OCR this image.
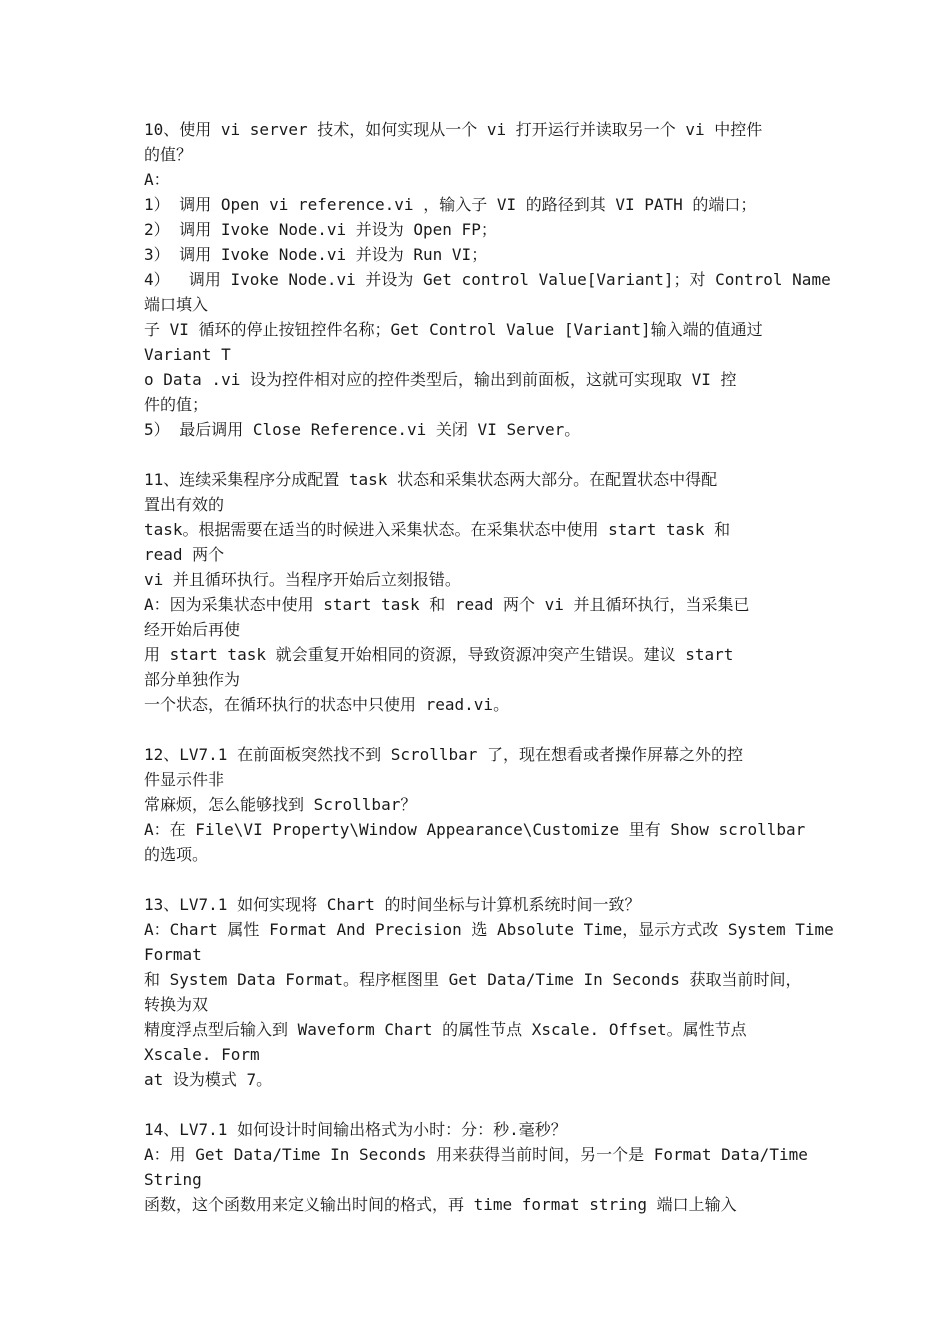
10、使用 vi server 技术，如何实现从一个 vi 打开运行并读取另一个 vi 中控件
的值？
A：
1） 调用 Open vi reference.vi ，输入子 VI 的路径到其 VI PATH 的端口；
2） 调用 Ivoke Node.vi 并设为 Open FP；
3） 调用 Ivoke Node.vi 并设为 Run VI；
4）  调用 Ivoke Node.vi 并设为 Get control Value[Variant]；对 Control Name
端口填入
子 VI 循环的停止按钮控件名称；Get Control Value [Variant]输入端的值通过
Variant T
o Data .vi 设为控件相对应的控件类型后，输出到前面板，这就可实现取 VI 控
件的值；
5） 最后调用 Close Reference.vi 关闭 VI Server。
11、连续采集程序分成配置 task 状态和采集状态两大部分。在配置状态中得配
置出有效的
task。根据需要在适当的时候进入采集状态。在采集状态中使用 start task 和
read 两个
vi 并且循环执行。当程序开始后立刻报错。
A：因为采集状态中使用 start task 和 read 两个 vi 并且循环执行，当采集已
经开始后再使
用 start task 就会重复开始相同的资源，导致资源冲突产生错误。建议 start
部分单独作为
一个状态，在循环执行的状态中只使用 read.vi。
12、LV7.1 在前面板突然找不到 Scrollbar 了，现在想看或者操作屏幕之外的控
件显示件非
常麻烦，怎么能够找到 Scrollbar？
A：在 File\VI Property\Window Appearance\Customize 里有 Show scrollbar
的选项。
13、LV7.1 如何实现将 Chart 的时间坐标与计算机系统时间一致？
A：Chart 属性 Format And Precision 选 Absolute Time，显示方式改 System Time
Format
和 System Data Format。程序框图里 Get Data/Time In Seconds 获取当前时间，
转换为双
精度浮点型后输入到 Waveform Chart 的属性节点 Xscale. Offset。属性节点
Xscale. Form
at 设为模式 7。
14、LV7.1 如何设计时间输出格式为小时：分：秒.毫秒？
A：用 Get Data/Time In Seconds 用来获得当前时间，另一个是 Format Data/Time
String
函数，这个函数用来定义输出时间的格式，再 time format string 端口上输入
